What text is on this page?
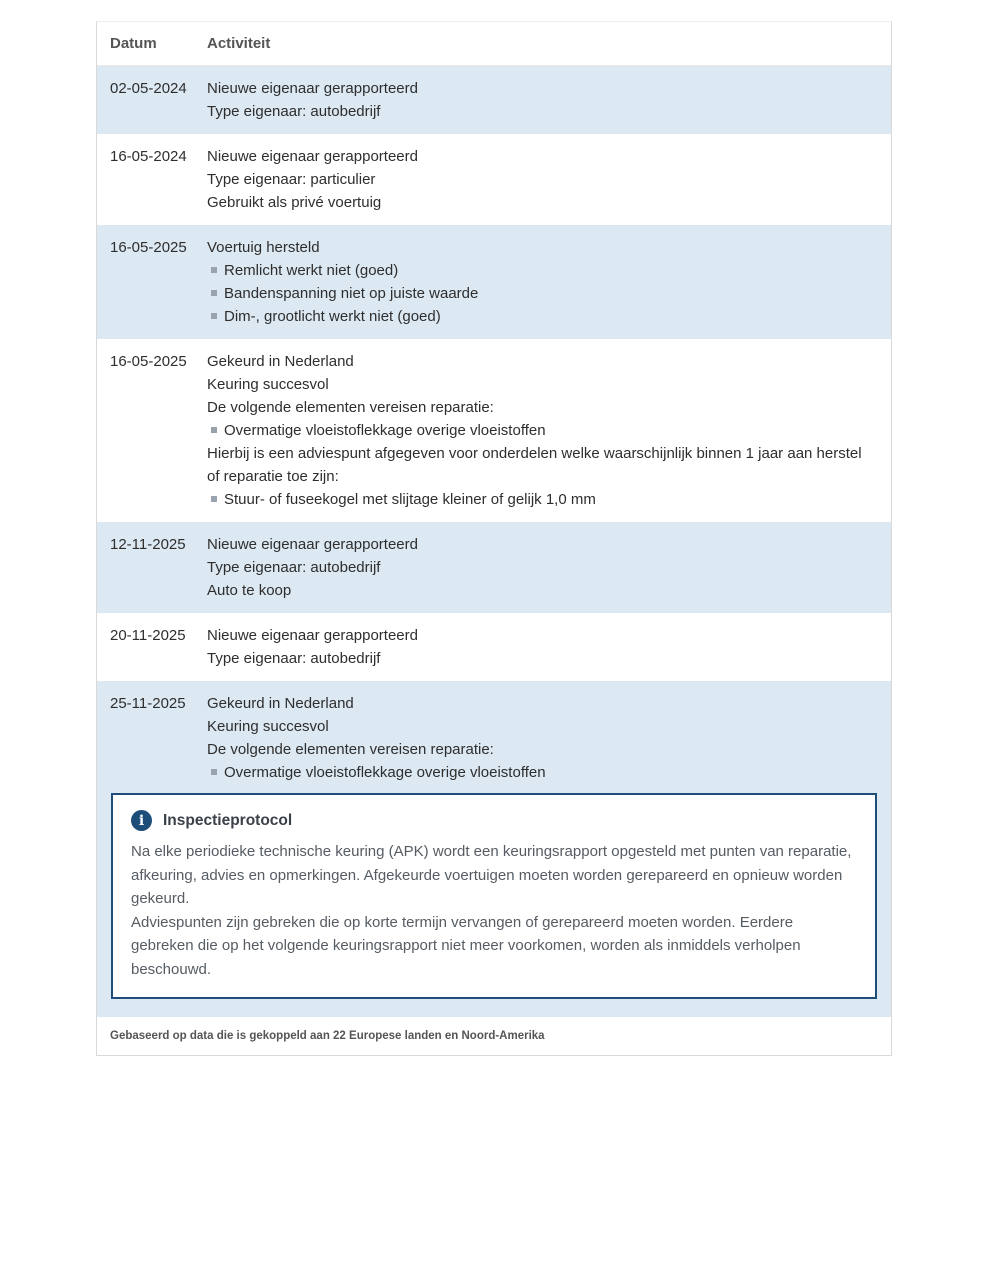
Datum	Activiteit
02-05-2024	Nieuwe eigenaar gerapporteerd
Type eigenaar: autobedrijf
16-05-2024	Nieuwe eigenaar gerapporteerd
Type eigenaar: particulier
Gebruikt als privé voertuig
16-05-2025	Voertuig hersteld
Remlicht werkt niet (goed)
Bandenspanning niet op juiste waarde
Dim-, grootlicht werkt niet (goed)
16-05-2025	Gekeurd in Nederland
Keuring succesvol
De volgende elementen vereisen reparatie:
Overmatige vloeistoflekkage overige vloeistoffen
Hierbij is een adviespunt afgegeven voor onderdelen welke waarschijnlijk binnen 1 jaar aan herstel of reparatie toe zijn:
Stuur- of fuseekogel met slijtage kleiner of gelijk 1,0 mm
12-11-2025	Nieuwe eigenaar gerapporteerd
Type eigenaar: autobedrijf
Auto te koop
20-11-2025	Nieuwe eigenaar gerapporteerd
Type eigenaar: autobedrijf
25-11-2025	Gekeurd in Nederland
Keuring succesvol
De volgende elementen vereisen reparatie:
Overmatige vloeistoflekkage overige vloeistoffen
i	Inspectieprotocol

Na elke periodieke technische keuring (APK) wordt een keuringsrapport opgesteld met punten van reparatie, afkeuring, advies en opmerkingen. Afgekeurde voertuigen moeten worden gerepareerd en opnieuw worden gekeurd.

Adviespunten zijn gebreken die op korte termijn vervangen of gerepareerd moeten worden. Eerdere gebreken die op het volgende keuringsrapport niet meer voorkomen, worden als inmiddels verholpen beschouwd.

Gebaseerd op data die is gekoppeld aan 22 Europese landen en Noord-Amerika
